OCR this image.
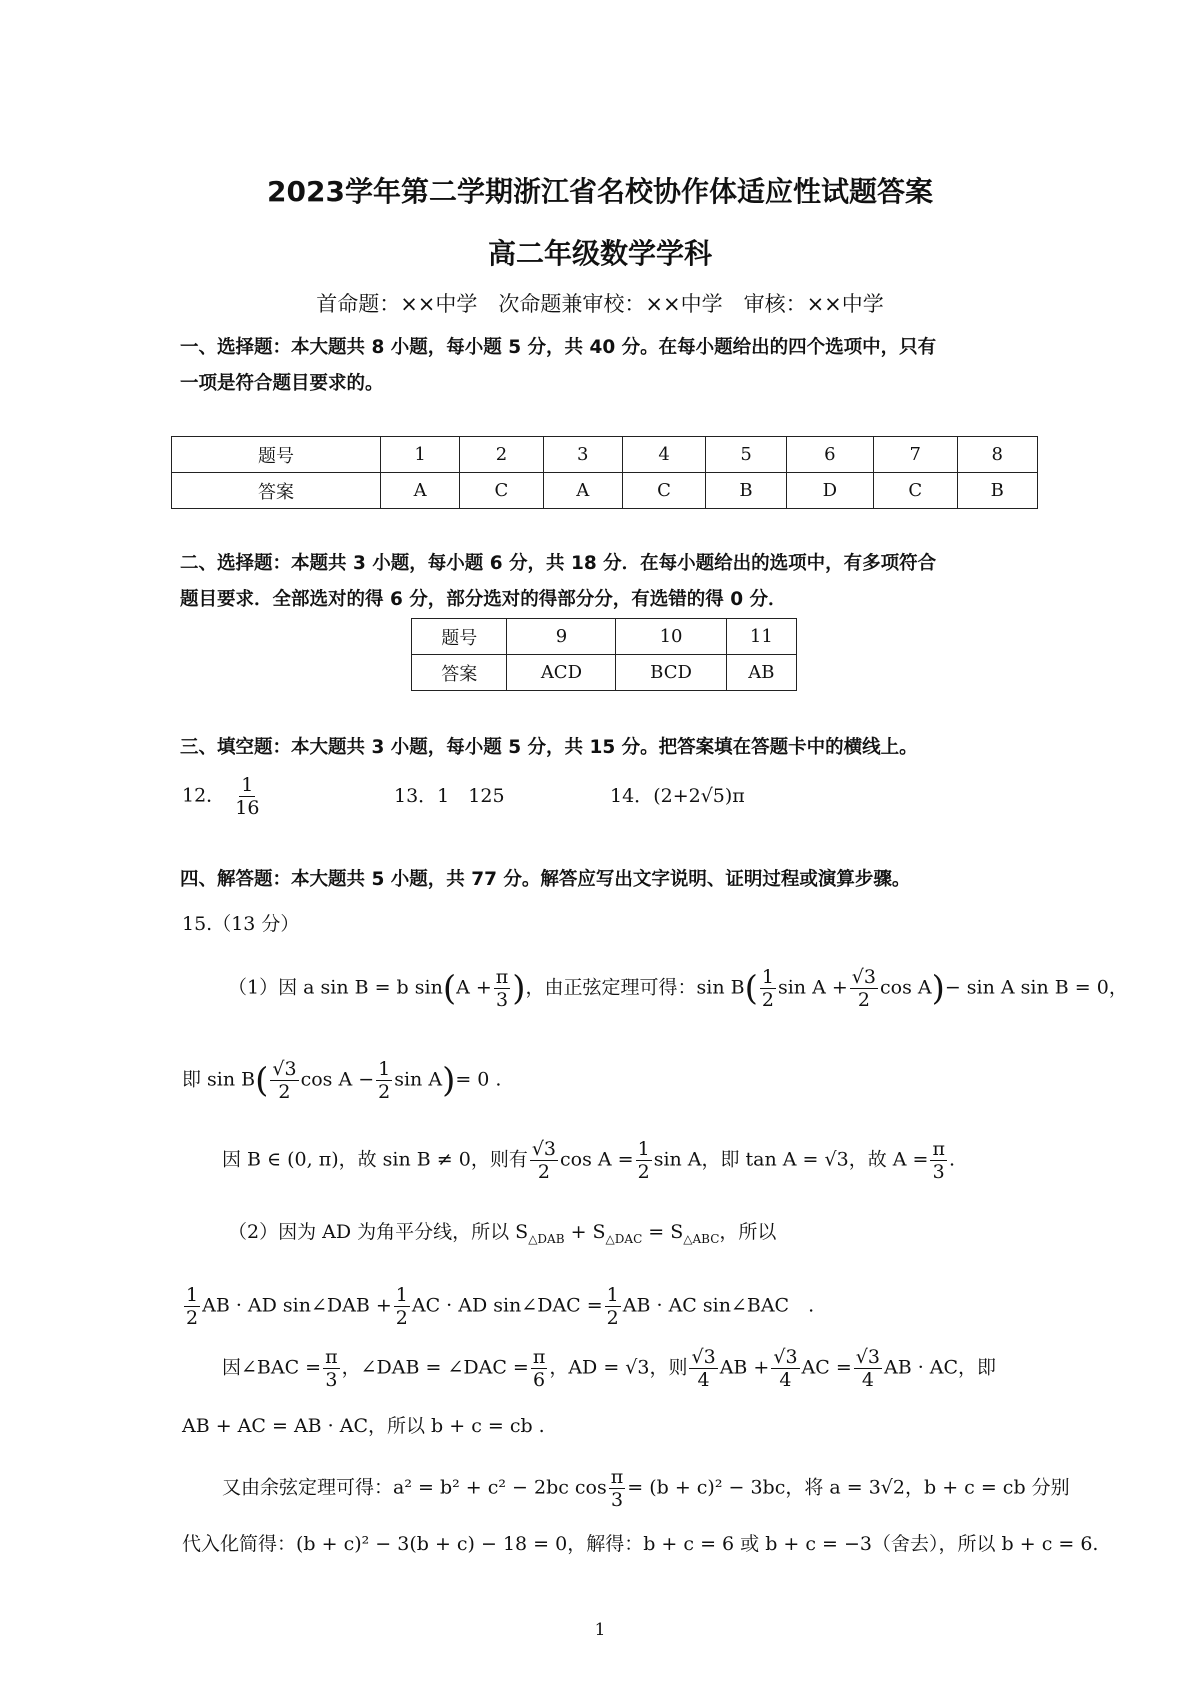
2023学年第二学期浙江省名校协作体适应性试题答案
高二年级数学学科
首命题：××中学　次命题兼审校：××中学　审核：××中学
一、选择题：本大题共 8 小题，每小题 5 分，共 40 分。在每小题给出的四个选项中，只有
一项是符合题目要求的。
题号	1	2	3	4	5	6	7	8
答案	A	C	A	C	B	D	C	B
二、选择题：本题共 3 小题，每小题 6 分，共 18 分．在每小题给出的选项中，有多项符合
题目要求．全部选对的得 6 分，部分选对的得部分分，有选错的得 0 分．
题号	9	10	11
答案	ACD	BCD	AB
三、填空题：本大题共 3 小题，每小题 5 分，共 15 分。把答案填在答题卡中的横线上。
12． $\frac{1}{16}$	13．1　125	14．(2+2√5)π
四、解答题：本大题共 5 小题，共 77 分。解答应写出文字说明、证明过程或演算步骤。
15.（13 分）
（1）因 a sin B = b $\sin(A + \frac{\pi}{3}$ )，由正弦定理可得：$\sin B( \frac{1}{2}$ $\sin A + \frac{√3}{2}$ cos A)− sin A sin B = 0，
即 $\sin B( \frac{√3}{2}$ $\cos A - \frac{1}{2}$ sin A)= 0 .
因 B ∈ (0, π)，故 sin B ≠ 0，则有 $\frac{√3}{2}$ $\cos A = \frac{1}{2}$ sin A，即 tan A = √3，故 $A = \frac{\pi}{3}$ .
（2）因为 AD 为角平分线，所以 $S_{\triangle DAB} + S_{\triangle DAC} = S_{\triangle ABC}$，所以
$\frac{1}{2}$ AB · AD sin∠DAB + $\frac{1}{2}$ AC · AD sin∠DAC = $\frac{1}{2}$ AB · AC sin∠BAC　.
因∠BAC = $\frac{\pi}{3}$ ，∠DAB = ∠DAC = $\frac{\pi}{6}$ ，AD = √3，则 $\frac{√3}{4}$ AB + $\frac{√3}{4}$ AC = $\frac{√3}{4}$ AB · AC，即
AB + AC = AB · AC，所以 b + c = cb .
又由余弦定理可得：a² = b² + c² − 2bc $\cos \frac{\pi}{3} = (b + c)^2 - 3bc$，将 a = 3√2，b + c = cb 分别
代入化简得：(b + c)² − 3(b + c) − 18 = 0，解得：b + c = 6 或 b + c = −3（舍去），所以 b + c = 6.
1
